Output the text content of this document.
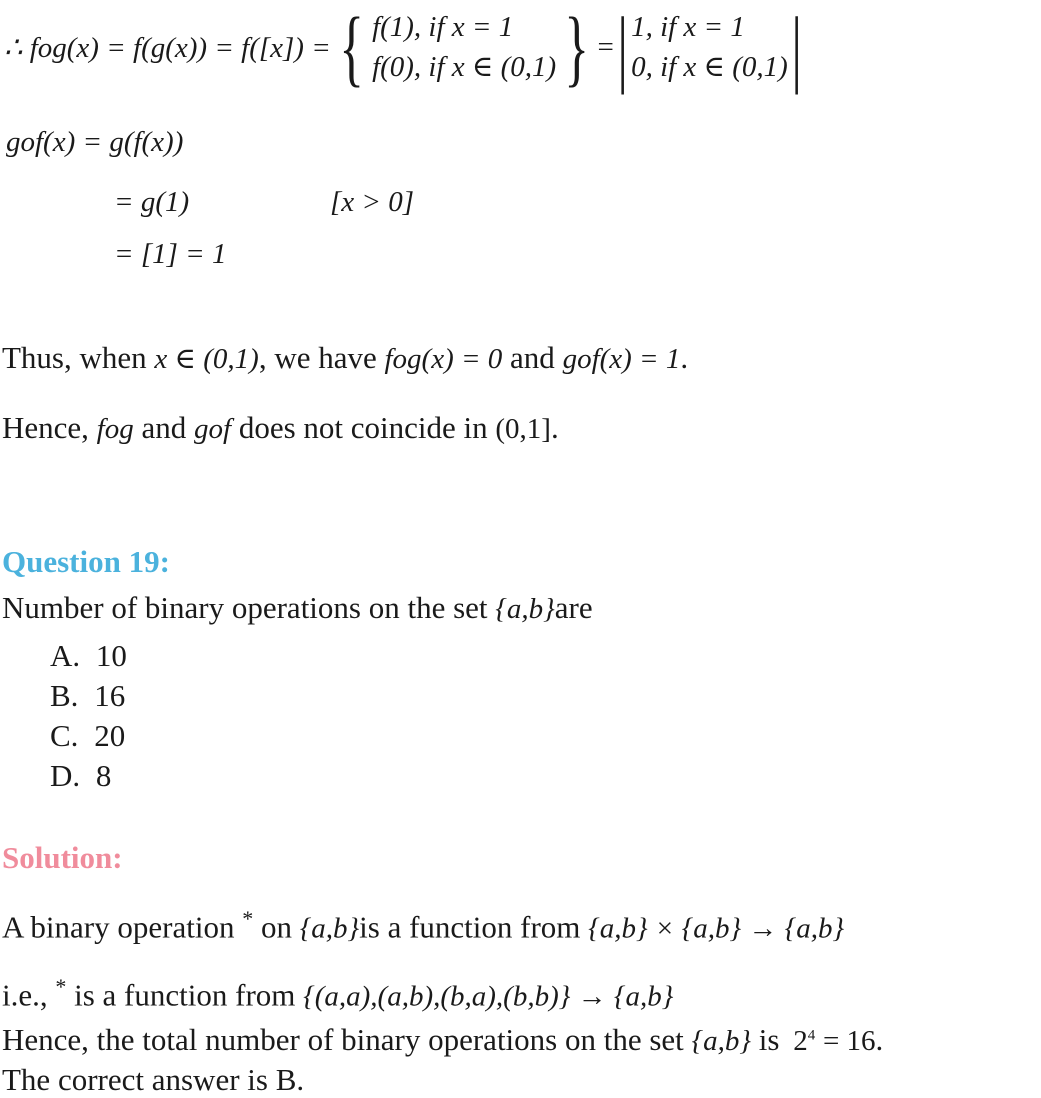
∴ fog(x) = f(g(x)) = f([x]) = { f(1), if x = 1
f(0), if x ∈ (0,1) } = | 1, if x = 1
0, if x ∈ (0,1) |
gof(x) = g(f(x))
= g(1)	[x > 0]
= [1] = 1
Thus, when x ∈ (0,1), we have fog(x) = 0 and gof(x) = 1.
Hence, fog and gof does not coincide in (0,1].
Question 19:
Number of binary operations on the set {a,b}are
A. 10
B. 16
C. 20
D. 8
Solution:
A binary operation * on {a,b}is a function from {a,b} × {a,b} → {a,b}
i.e., * is a function from {(a,a),(a,b),(b,a),(b,b)} → {a,b}
Hence, the total number of binary operations on the set {a,b} is $2^4 = 16$.
The correct answer is B.
